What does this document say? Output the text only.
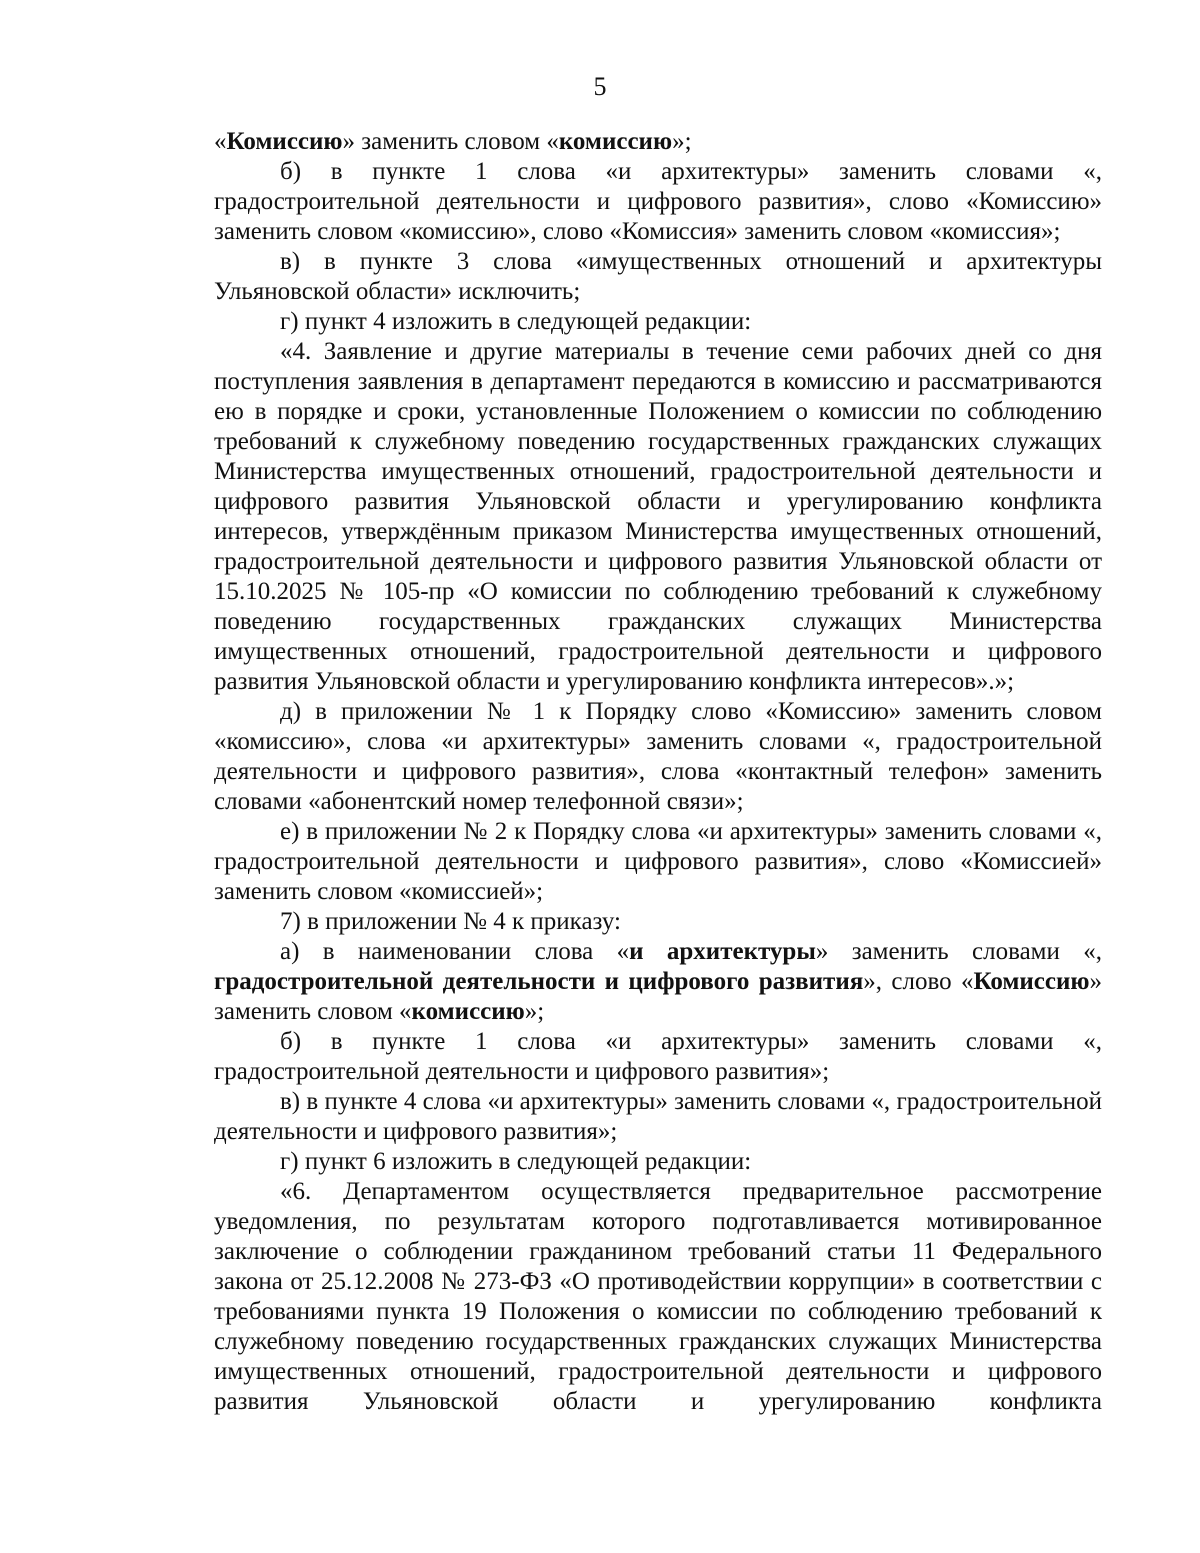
5

«Комиссию» заменить словом «комиссию»;

б) в пункте 1 слова «и архитектуры» заменить словами «, градостроительной деятельности и цифрового развития», слово «Комиссию» заменить словом «комиссию», слово «Комиссия» заменить словом «комиссия»;

в) в пункте 3 слова «имущественных отношений и архитектуры Ульяновской области» исключить;

г) пункт 4 изложить в следующей редакции:

«4. Заявление и другие материалы в течение семи рабочих дней со дня поступления заявления в департамент передаются в комиссию и рассматриваются ею в порядке и сроки, установленные Положением о комиссии по соблюдению требований к служебному поведению государственных гражданских служащих Министерства имущественных отношений, градостроительной деятельности и цифрового развития Ульяновской области и урегулированию конфликта интересов, утверждённым приказом Министерства имущественных отношений, градостроительной деятельности и цифрового развития Ульяновской области от 15.10.2025 № 105-пр «О комиссии по соблюдению требований к служебному поведению государственных гражданских служащих Министерства имущественных отношений, градостроительной деятельности и цифрового развития Ульяновской области и урегулированию конфликта интересов».»;

д) в приложении № 1 к Порядку слово «Комиссию» заменить словом «комиссию», слова «и архитектуры» заменить словами «, градостроительной деятельности и цифрового развития», слова «контактный телефон» заменить словами «абонентский номер телефонной связи»;

е) в приложении № 2 к Порядку слова «и архитектуры» заменить словами «, градостроительной деятельности и цифрового развития», слово «Комиссией» заменить словом «комиссией»;

7) в приложении № 4 к приказу:

а) в наименовании слова «и архитектуры» заменить словами «, градостроительной деятельности и цифрового развития», слово «Комиссию» заменить словом «комиссию»;

б) в пункте 1 слова «и архитектуры» заменить словами «, градостроительной деятельности и цифрового развития»;

в) в пункте 4 слова «и архитектуры» заменить словами «, градостроительной деятельности и цифрового развития»;

г) пункт 6 изложить в следующей редакции:

«6. Департаментом осуществляется предварительное рассмотрение уведомления, по результатам которого подготавливается мотивированное заключение о соблюдении гражданином требований статьи 11 Федерального закона от 25.12.2008 № 273-ФЗ «О противодействии коррупции» в соответствии с требованиями пункта 19 Положения о комиссии по соблюдению требований к служебному поведению государственных гражданских служащих Министерства имущественных отношений, градостроительной деятельности и цифрового развития Ульяновской области и урегулированию конфликта
